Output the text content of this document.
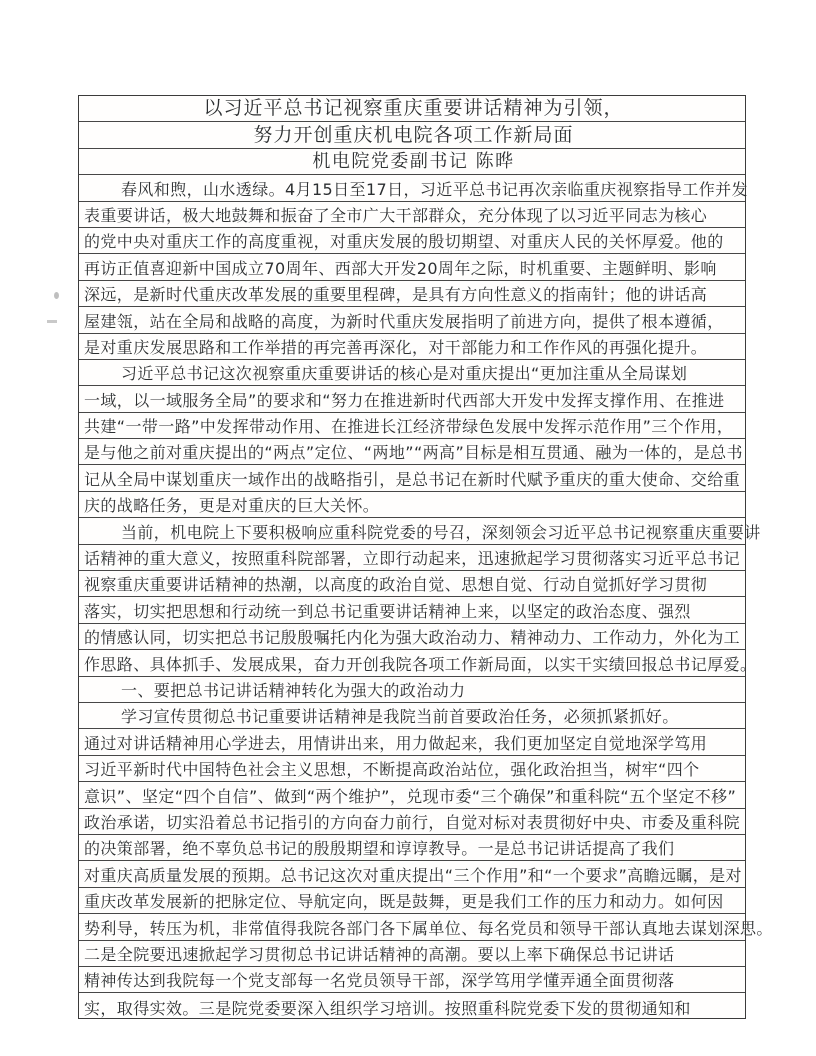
以习近平总书记视察重庆重要讲话精神为引领，
努力开创重庆机电院各项工作新局面
机电院党委副书记 陈晔
春风和煦，山水透绿。4月15日至17日，习近平总书记再次亲临重庆视察指导工作并发
表重要讲话，极大地鼓舞和振奋了全市广大干部群众，充分体现了以习近平同志为核心
的党中央对重庆工作的高度重视，对重庆发展的殷切期望、对重庆人民的关怀厚爱。他的
再访正值喜迎新中国成立70周年、西部大开发20周年之际，时机重要、主题鲜明、影响
深远，是新时代重庆改革发展的重要里程碑，是具有方向性意义的指南针；他的讲话高
屋建瓴，站在全局和战略的高度，为新时代重庆发展指明了前进方向，提供了根本遵循，
是对重庆发展思路和工作举措的再完善再深化，对干部能力和工作作风的再强化提升。
习近平总书记这次视察重庆重要讲话的核心是对重庆提出“更加注重从全局谋划
一域，以一域服务全局”的要求和“努力在推进新时代西部大开发中发挥支撑作用、在推进
共建“一带一路”中发挥带动作用、在推进长江经济带绿色发展中发挥示范作用”三个作用，
是与他之前对重庆提出的“两点”定位、“两地”“两高”目标是相互贯通、融为一体的，是总书
记从全局中谋划重庆一域作出的战略指引，是总书记在新时代赋予重庆的重大使命、交给重
庆的战略任务，更是对重庆的巨大关怀。
当前，机电院上下要积极响应重科院党委的号召，深刻领会习近平总书记视察重庆重要讲
话精神的重大意义，按照重科院部署，立即行动起来，迅速掀起学习贯彻落实习近平总书记
视察重庆重要讲话精神的热潮，以高度的政治自觉、思想自觉、行动自觉抓好学习贯彻
落实，切实把思想和行动统一到总书记重要讲话精神上来，以坚定的政治态度、强烈
的情感认同，切实把总书记殷殷嘱托内化为强大政治动力、精神动力、工作动力，外化为工
作思路、具体抓手、发展成果，奋力开创我院各项工作新局面，以实干实绩回报总书记厚爱。
一、要把总书记讲话精神转化为强大的政治动力
学习宣传贯彻总书记重要讲话精神是我院当前首要政治任务，必须抓紧抓好。
通过对讲话精神用心学进去，用情讲出来，用力做起来，我们更加坚定自觉地深学笃用
习近平新时代中国特色社会主义思想，不断提高政治站位，强化政治担当，树牢“四个
意识”、坚定“四个自信”、做到“两个维护”，兑现市委“三个确保”和重科院“五个坚定不移”
政治承诺，切实沿着总书记指引的方向奋力前行，自觉对标对表贯彻好中央、市委及重科院
的决策部署，绝不辜负总书记的殷殷期望和谆谆教导。一是总书记讲话提高了我们
对重庆高质量发展的预期。总书记这次对重庆提出“三个作用”和“一个要求”高瞻远瞩，是对
重庆改革发展新的把脉定位、导航定向，既是鼓舞，更是我们工作的压力和动力。如何因
势利导，转压为机，非常值得我院各部门各下属单位、每名党员和领导干部认真地去谋划深思。
二是全院要迅速掀起学习贯彻总书记讲话精神的高潮。要以上率下确保总书记讲话
精神传达到我院每一个党支部每一名党员领导干部，深学笃用学懂弄通全面贯彻落
实，取得实效。三是院党委要深入组织学习培训。按照重科院党委下发的贯彻通知和
